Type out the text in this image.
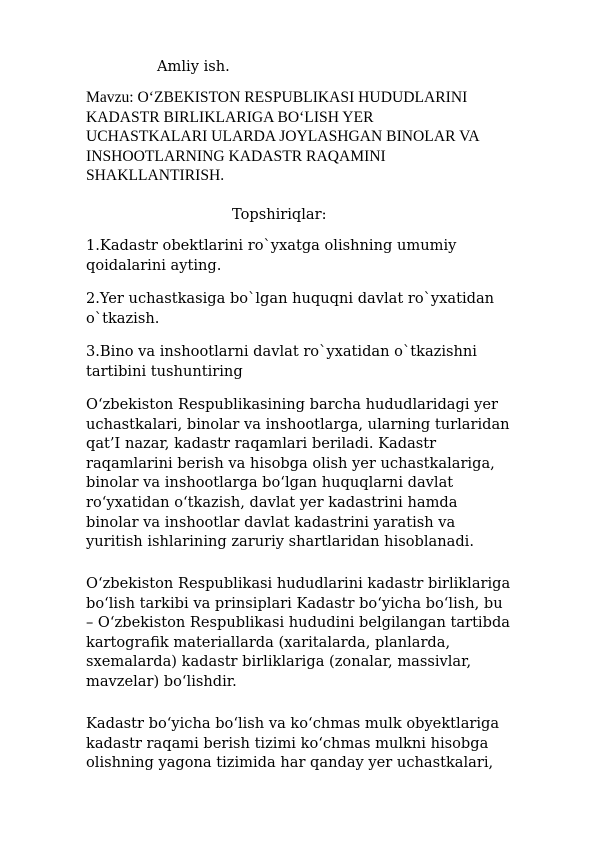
Amliy ish.

Mavzu: O‘ZBEKISTON RESPUBLIKASI HUDUDLARINI
KADASTR BIRLIKLARIGA BO‘LISH YER
UCHASTKALARI ULARDA JOYLASHGAN BINOLAR VA
INSHOOTLARNING KADASTR RAQAMINI
SHAKLLANTIRISH.

Topshiriqlar:

1.Kadastr obektlarini ro`yxatga olishning umumiy
qoidalarini ayting.

2.Yer uchastkasiga bo`lgan huquqni davlat ro`yxatidan
o`tkazish.

3.Bino va inshootlarni davlat ro`yxatidan o`tkazishni
tartibini tushuntiring

O‘zbekiston Respublikasining barcha hududlaridagi yer
uchastkalari, binolar va inshootlarga, ularning turlaridan
qat’I nazar, kadastr raqamlari beriladi. Kadastr
raqamlarini berish va hisobga olish yer uchastkalariga,
binolar va inshootlarga bo‘lgan huquqlarni davlat
ro‘yxatidan o‘tkazish, davlat yer kadastrini hamda
binolar va inshootlar davlat kadastrini yaratish va
yuritish ishlarining zaruriy shartlaridan hisoblanadi.

O‘zbekiston Respublikasi hududlarini kadastr birliklariga
bo‘lish tarkibi va prinsiplari Kadastr bo‘yicha bo‘lish, bu
– O‘zbekiston Respublikasi hududini belgilangan tartibda
kartografik materiallarda (xaritalarda, planlarda,
sxemalarda) kadastr birliklariga (zonalar, massivlar,
mavzelar) bo‘lishdir.

Kadastr bo‘yicha bo‘lish va ko‘chmas mulk obyektlariga
kadastr raqami berish tizimi ko‘chmas mulkni hisobga
olishning yagona tizimida har qanday yer uchastkalari,
